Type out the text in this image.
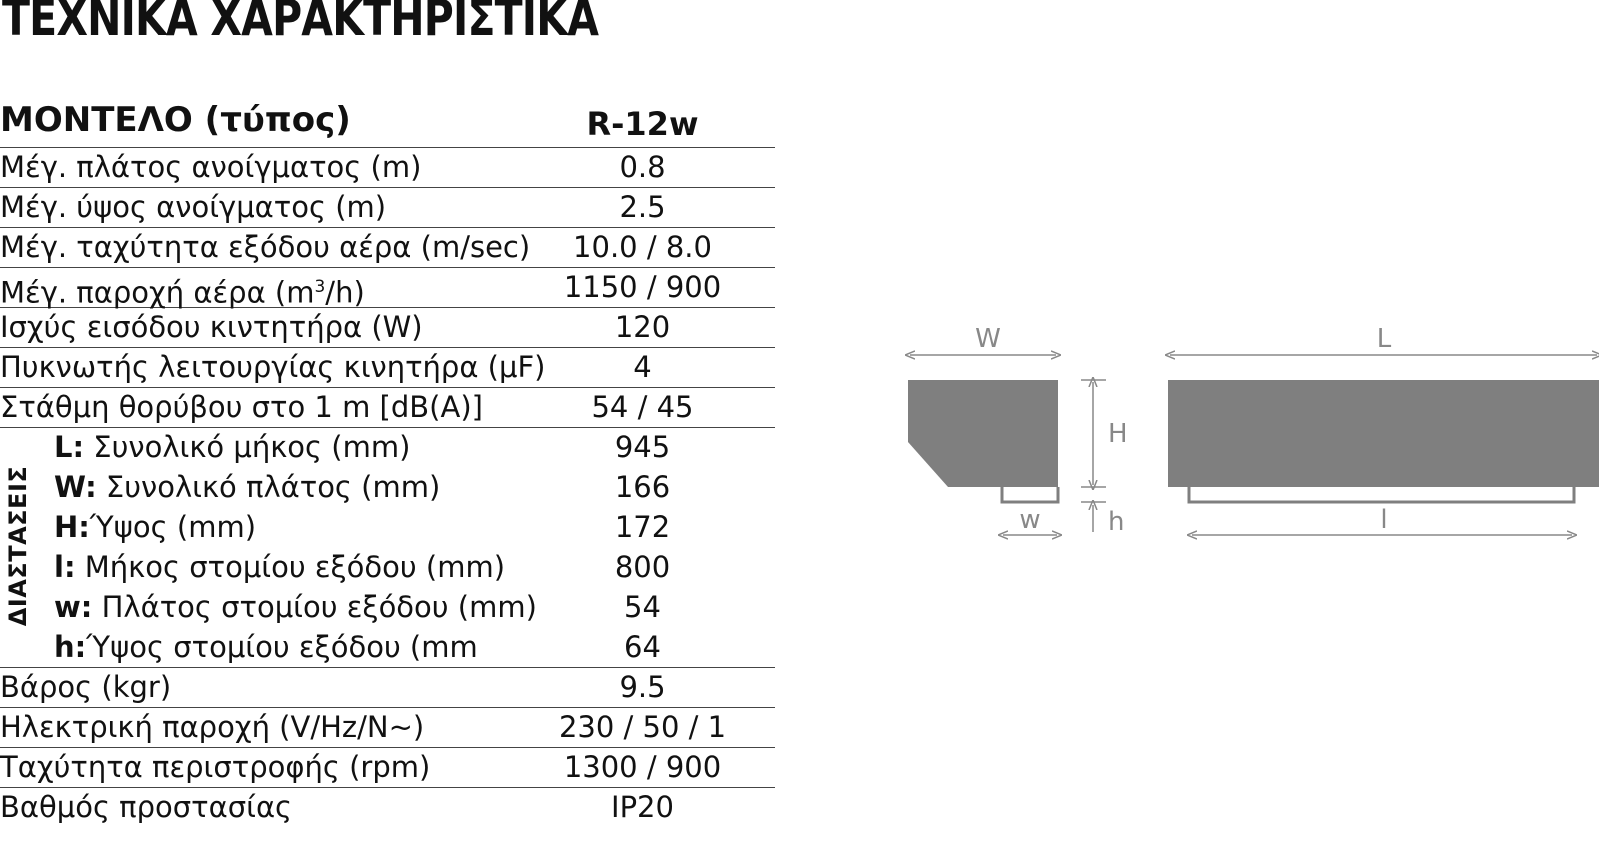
ΤΕΧΝΙΚΑ ΧΑΡΑΚΤΗΡΙΣΤΙΚΑ
ΜΟΝΤΕΛΟ (τύπος)	R-12w
Μέγ. πλάτος ανοίγματος (m)	0.8
Μέγ. ύψος ανοίγματος (m)	2.5
Μέγ. ταχύτητα εξόδου αέρα (m/sec)	10.0 / 8.0
Μέγ. παροχή αέρα $(m^3/h)$	1150 / 900
Ισχύς εισόδου κιντητήρα (W)	120
Πυκνωτής λειτουργίας κινητήρα (μF)	4
Στάθμη θορύβου στο 1 m [dB(A)]	54 / 45
ΔΙΑΣΤΑΣΕΙΣ
L: Συνολικό μήκος (mm)	945
W: Συνολικό πλάτος (mm)	166
H:Ύψος (mm)	172
l: Μήκος στομίου εξόδου (mm)	800
w: Πλάτος στομίου εξόδου (mm)	54
h:Ύψος στομίου εξόδου (mm	64
Βάρος (kgr)	9.5
Ηλεκτρική παροχή (V/Hz/N~)	230 / 50 / 1
Ταχύτητα περιστροφής (rpm)	1300 / 900
Βαθμός προστασίας	IP20
W	L
H
h
w	l
